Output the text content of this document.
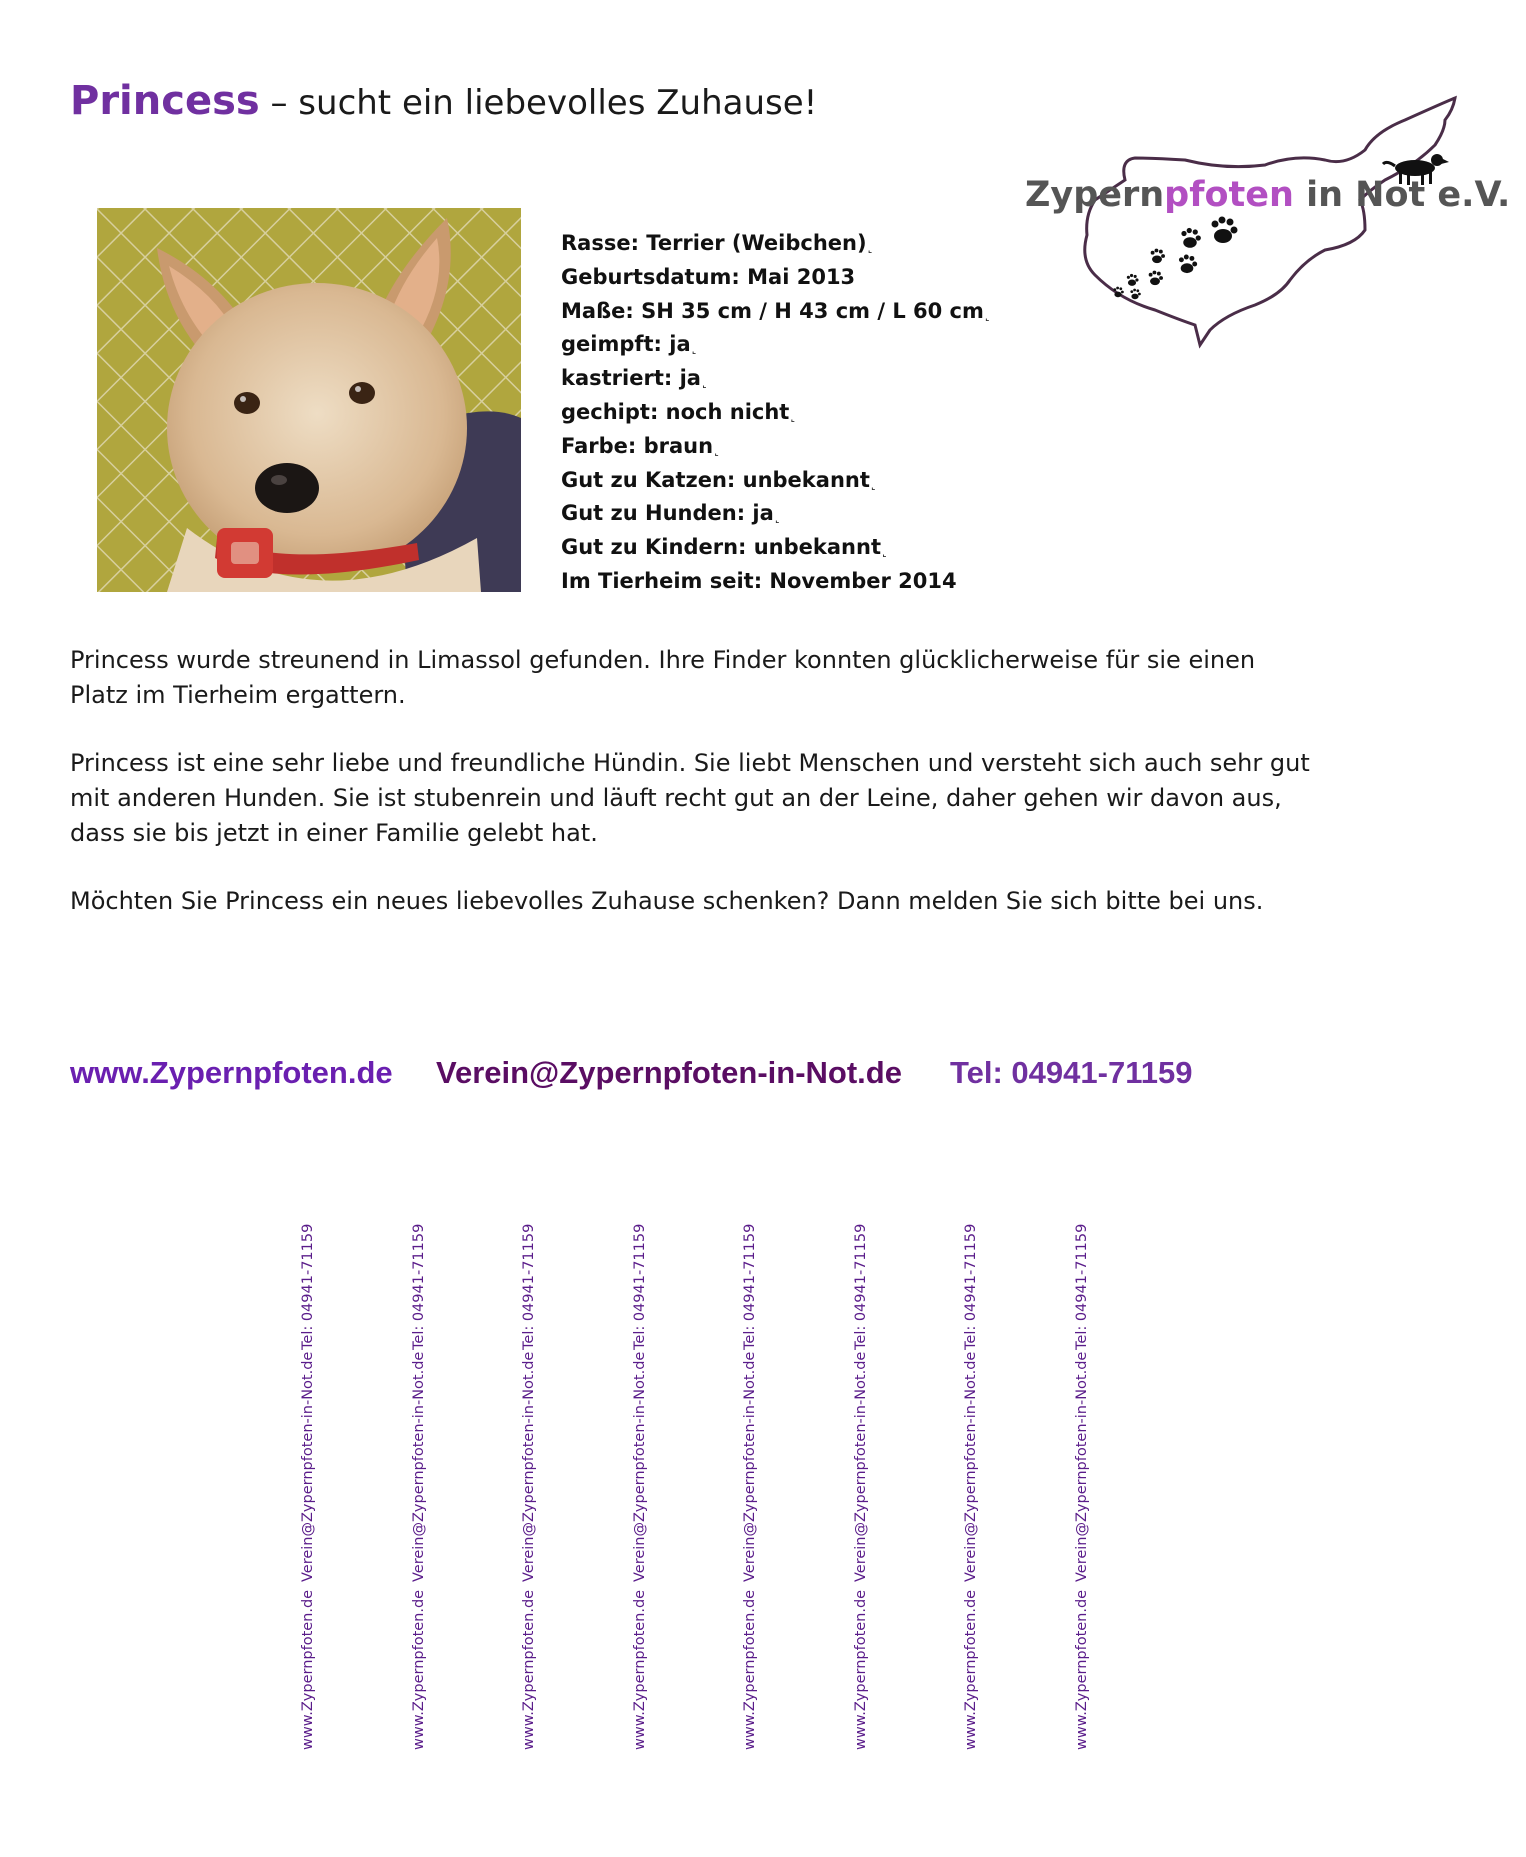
Princess – sucht ein liebevolles Zuhause!
Rasse: Terrier (Weibchen)˻
Geburtsdatum: Mai 2013
Maße: SH 35 cm / H 43 cm / L 60 cm˻
geimpft: ja˻
kastriert: ja˻
gechipt: noch nicht˻
Farbe: braun˻
Gut zu Katzen: unbekannt˻
Gut zu Hunden: ja˻
Gut zu Kindern: unbekannt˻
Im Tierheim seit: November 2014
Zypernpfoten in Not e.V.

Princess wurde streunend in Limassol gefunden. Ihre Finder konnten glücklicherweise für sie einen Platz im Tierheim ergattern.

Princess ist eine sehr liebe und freundliche Hündin. Sie liebt Menschen und versteht sich auch sehr gut mit anderen Hunden. Sie ist stubenrein und läuft recht gut an der Leine, daher gehen wir davon aus, dass sie bis jetzt in einer Familie gelebt hat.

Möchten Sie Princess ein neues liebevolles Zuhause schenken? Dann melden Sie sich bitte bei uns.

www.Zypernpfoten.de Verein@Zypernpfoten-in-Not.de Tel: 04941-71159
Tel: 04941-71159
Verein@Zypernpfoten-in-Not.de
www.Zypernpfoten.de
Tel: 04941-71159
Verein@Zypernpfoten-in-Not.de
www.Zypernpfoten.de
Tel: 04941-71159
Verein@Zypernpfoten-in-Not.de
www.Zypernpfoten.de
Tel: 04941-71159
Verein@Zypernpfoten-in-Not.de
www.Zypernpfoten.de
Tel: 04941-71159
Verein@Zypernpfoten-in-Not.de
www.Zypernpfoten.de
Tel: 04941-71159
Verein@Zypernpfoten-in-Not.de
www.Zypernpfoten.de
Tel: 04941-71159
Verein@Zypernpfoten-in-Not.de
www.Zypernpfoten.de
Tel: 04941-71159
Verein@Zypernpfoten-in-Not.de
www.Zypernpfoten.de
